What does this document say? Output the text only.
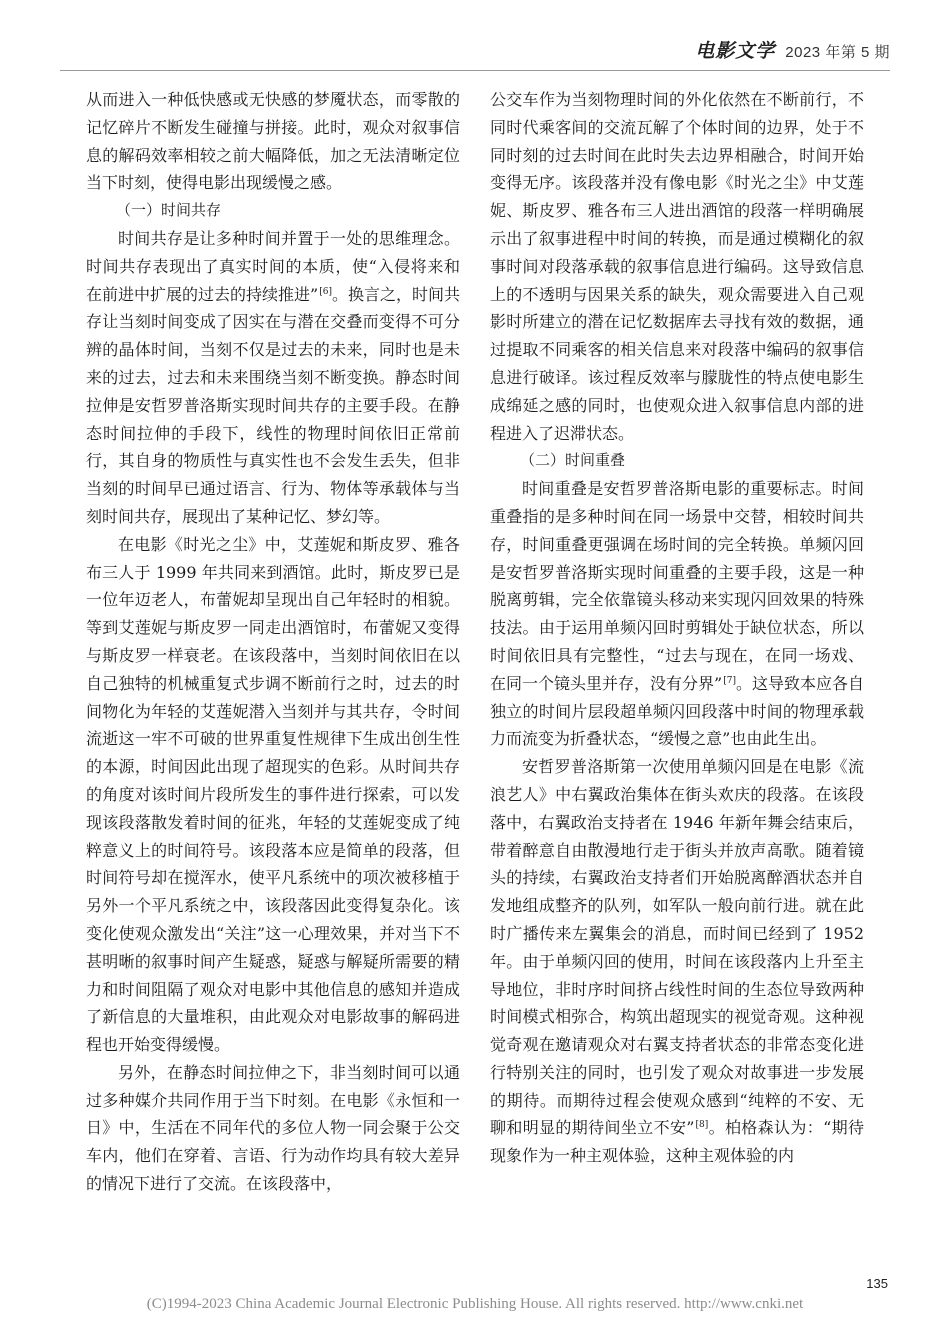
电影文学 2023 年第 5 期

从而进入一种低快感或无快感的梦魇状态，而零散的记忆碎片不断发生碰撞与拼接。此时，观众对叙事信息的解码效率相较之前大幅降低，加之无法清晰定位当下时刻，使得电影出现缓慢之感。

（一）时间共存

时间共存是让多种时间并置于一处的思维理念。时间共存表现出了真实时间的本质，使“入侵将来和在前进中扩展的过去的持续推进”[6]。换言之，时间共存让当刻时间变成了因实在与潜在交叠而变得不可分辨的晶体时间，当刻不仅是过去的未来，同时也是未来的过去，过去和未来围绕当刻不断变换。静态时间拉伸是安哲罗普洛斯实现时间共存的主要手段。在静态时间拉伸的手段下，线性的物理时间依旧正常前行，其自身的物质性与真实性也不会发生丢失，但非当刻的时间早已通过语言、行为、物体等承载体与当刻时间共存，展现出了某种记忆、梦幻等。

在电影《时光之尘》中，艾莲妮和斯皮罗、雅各布三人于 1999 年共同来到酒馆。此时，斯皮罗已是一位年迈老人，布蕾妮却呈现出自己年轻时的相貌。等到艾莲妮与斯皮罗一同走出酒馆时，布蕾妮又变得与斯皮罗一样衰老。在该段落中，当刻时间依旧在以自己独特的机械重复式步调不断前行之时，过去的时间物化为年轻的艾莲妮潜入当刻并与其共存，令时间流逝这一牢不可破的世界重复性规律下生成出创生性的本源，时间因此出现了超现实的色彩。从时间共存的角度对该时间片段所发生的事件进行探索，可以发现该段落散发着时间的征兆，年轻的艾莲妮变成了纯粹意义上的时间符号。该段落本应是简单的段落，但时间符号却在搅浑水，使平凡系统中的项次被移植于另外一个平凡系统之中，该段落因此变得复杂化。该变化使观众激发出“关注”这一心理效果，并对当下不甚明晰的叙事时间产生疑惑，疑惑与解疑所需要的精力和时间阻隔了观众对电影中其他信息的感知并造成了新信息的大量堆积，由此观众对电影故事的解码进程也开始变得缓慢。

另外，在静态时间拉伸之下，非当刻时间可以通过多种媒介共同作用于当下时刻。在电影《永恒和一日》中，生活在不同年代的多位人物一同会聚于公交车内，他们在穿着、言语、行为动作均具有较大差异的情况下进行了交流。在该段落中，

公交车作为当刻物理时间的外化依然在不断前行，不同时代乘客间的交流瓦解了个体时间的边界，处于不同时刻的过去时间在此时失去边界相融合，时间开始变得无序。该段落并没有像电影《时光之尘》中艾莲妮、斯皮罗、雅各布三人进出酒馆的段落一样明确展示出了叙事进程中时间的转换，而是通过模糊化的叙事时间对段落承载的叙事信息进行编码。这导致信息上的不透明与因果关系的缺失，观众需要进入自己观影时所建立的潜在记忆数据库去寻找有效的数据，通过提取不同乘客的相关信息来对段落中编码的叙事信息进行破译。该过程反效率与朦胧性的特点使电影生成绵延之感的同时，也使观众进入叙事信息内部的进程进入了迟滞状态。

（二）时间重叠

时间重叠是安哲罗普洛斯电影的重要标志。时间重叠指的是多种时间在同一场景中交替，相较时间共存，时间重叠更强调在场时间的完全转换。单频闪回是安哲罗普洛斯实现时间重叠的主要手段，这是一种脱离剪辑，完全依靠镜头移动来实现闪回效果的特殊技法。由于运用单频闪回时剪辑处于缺位状态，所以时间依旧具有完整性，“过去与现在，在同一场戏、在同一个镜头里并存，没有分界”[7]。这导致本应各自独立的时间片层段超单频闪回段落中时间的物理承载力而流变为折叠状态，“缓慢之意”也由此生出。

安哲罗普洛斯第一次使用单频闪回是在电影《流浪艺人》中右翼政治集体在街头欢庆的段落。在该段落中，右翼政治支持者在 1946 年新年舞会结束后，带着醉意自由散漫地行走于街头并放声高歌。随着镜头的持续，右翼政治支持者们开始脱离醉酒状态并自发地组成整齐的队列，如军队一般向前行进。就在此时广播传来左翼集会的消息，而时间已经到了 1952 年。由于单频闪回的使用，时间在该段落内上升至主导地位，非时序时间挤占线性时间的生态位导致两种时间模式相弥合，构筑出超现实的视觉奇观。这种视觉奇观在邀请观众对右翼支持者状态的非常态变化进行特别关注的同时，也引发了观众对故事进一步发展的期待。而期待过程会使观众感到“纯粹的不安、无聊和明显的期待间坐立不安”[8]。柏格森认为：“期待现象作为一种主观体验，这种主观体验的内

135
(C)1994-2023 China Academic Journal Electronic Publishing House. All rights reserved. http://www.cnki.net
